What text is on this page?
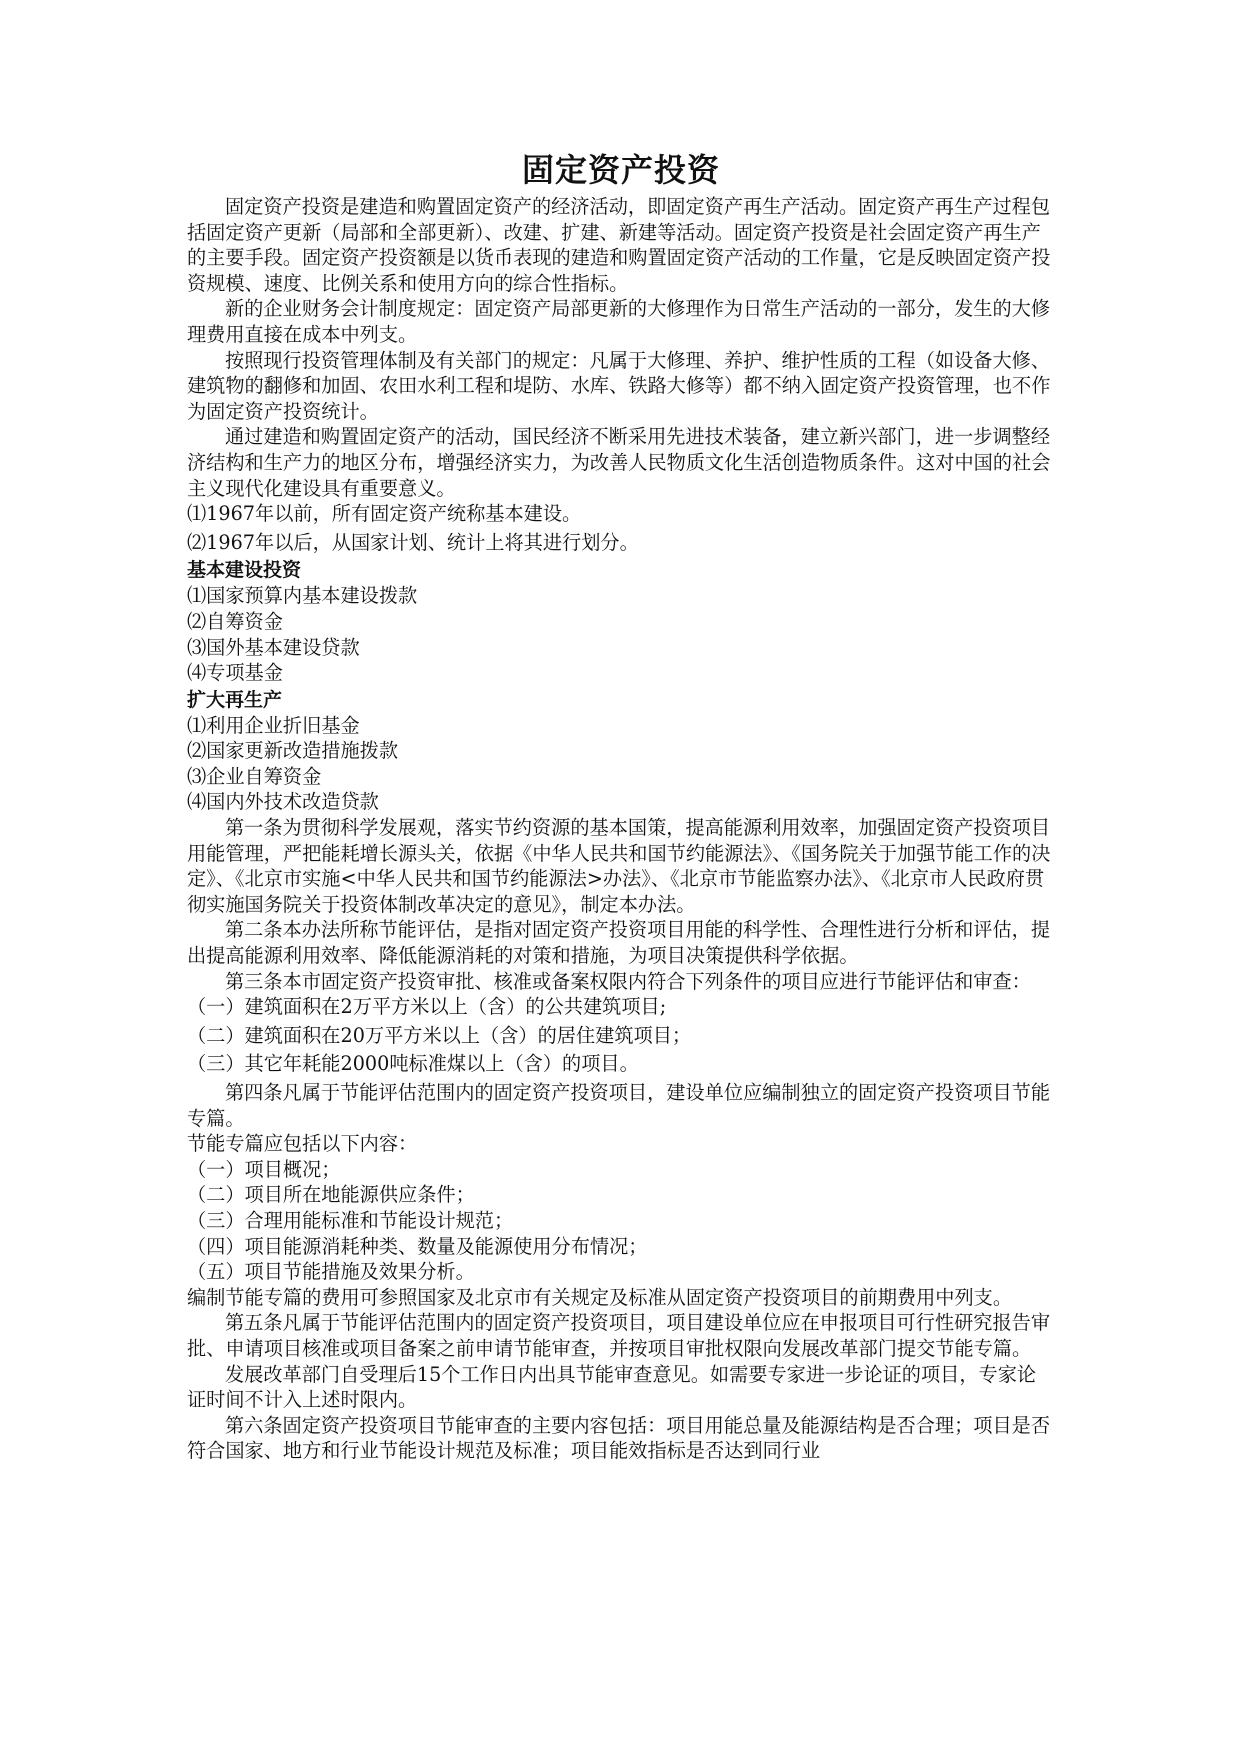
固定资产投资

固定资产投资是建造和购置固定资产的经济活动，即固定资产再生产活动。固定资产再生产过程包括固定资产更新（局部和全部更新）、改建、扩建、新建等活动。固定资产投资是社会固定资产再生产的主要手段。固定资产投资额是以货币表现的建造和购置固定资产活动的工作量，它是反映固定资产投资规模、速度、比例关系和使用方向的综合性指标。

新的企业财务会计制度规定：固定资产局部更新的大修理作为日常生产活动的一部分，发生的大修理费用直接在成本中列支。

按照现行投资管理体制及有关部门的规定：凡属于大修理、养护、维护性质的工程（如设备大修、建筑物的翻修和加固、农田水利工程和堤防、水库、铁路大修等）都不纳入固定资产投资管理，也不作为固定资产投资统计。

通过建造和购置固定资产的活动，国民经济不断采用先进技术装备，建立新兴部门，进一步调整经济结构和生产力的地区分布，增强经济实力，为改善人民物质文化生活创造物质条件。这对中国的社会主义现代化建设具有重要意义。

⑴1967年以前，所有固定资产统称基本建设。

⑵1967年以后，从国家计划、统计上将其进行划分。

基本建设投资

⑴国家预算内基本建设拨款

⑵自筹资金

⑶国外基本建设贷款

⑷专项基金

扩大再生产

⑴利用企业折旧基金

⑵国家更新改造措施拨款

⑶企业自筹资金

⑷国内外技术改造贷款

第一条为贯彻科学发展观，落实节约资源的基本国策，提高能源利用效率，加强固定资产投资项目用能管理，严把能耗增长源头关，依据《中华人民共和国节约能源法》、《国务院关于加强节能工作的决定》、《北京市实施<中华人民共和国节约能源法>办法》、《北京市节能监察办法》、《北京市人民政府贯彻实施国务院关于投资体制改革决定的意见》，制定本办法。

第二条本办法所称节能评估，是指对固定资产投资项目用能的科学性、合理性进行分析和评估，提出提高能源利用效率、降低能源消耗的对策和措施，为项目决策提供科学依据。

第三条本市固定资产投资审批、核准或备案权限内符合下列条件的项目应进行节能评估和审查：

（一）建筑面积在2万平方米以上（含）的公共建筑项目;

（二）建筑面积在20万平方米以上（含）的居住建筑项目；

（三）其它年耗能2000吨标准煤以上（含）的项目。

第四条凡属于节能评估范围内的固定资产投资项目，建设单位应编制独立的固定资产投资项目节能专篇。

节能专篇应包括以下内容：

（一）项目概况；

（二）项目所在地能源供应条件；

（三）合理用能标准和节能设计规范；

（四）项目能源消耗种类、数量及能源使用分布情况；

（五）项目节能措施及效果分析。

编制节能专篇的费用可参照国家及北京市有关规定及标准从固定资产投资项目的前期费用中列支。

第五条凡属于节能评估范围内的固定资产投资项目，项目建设单位应在申报项目可行性研究报告审批、申请项目核准或项目备案之前申请节能审查，并按项目审批权限向发展改革部门提交节能专篇。

发展改革部门自受理后15个工作日内出具节能审查意见。如需要专家进一步论证的项目，专家论证时间不计入上述时限内。

第六条固定资产投资项目节能审查的主要内容包括：项目用能总量及能源结构是否合理；项目是否符合国家、地方和行业节能设计规范及标准；项目能效指标是否达到同行业
